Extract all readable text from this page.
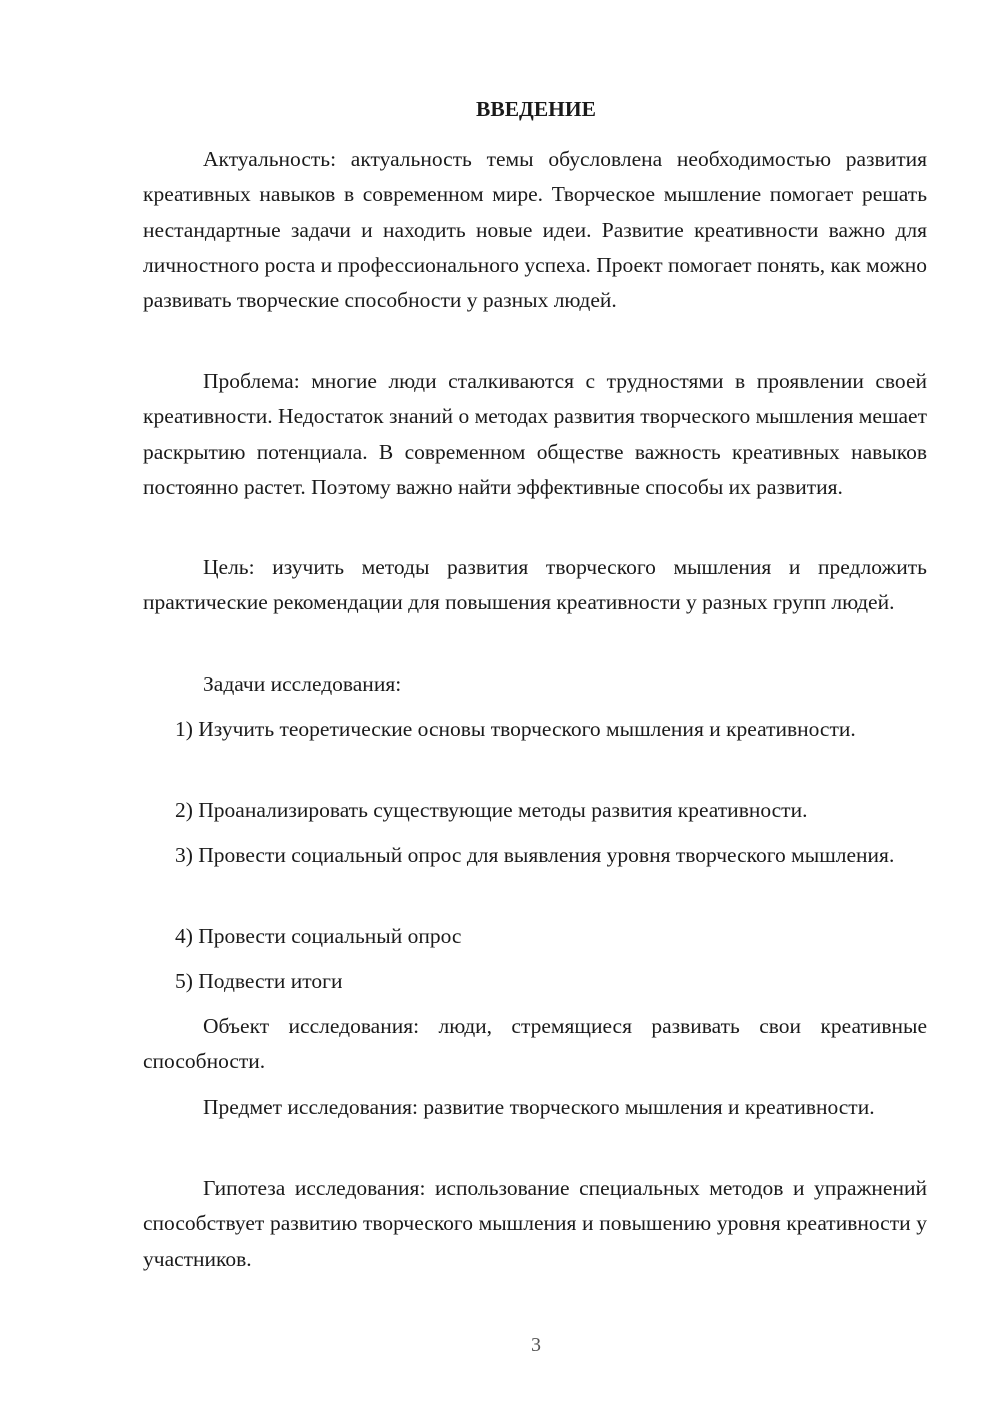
ВВЕДЕНИЕ

Актуальность: актуальность темы обусловлена необходимостью развития креативных навыков в современном мире. Творческое мышление помогает решать нестандартные задачи и находить новые идеи. Развитие креативности важно для личностного роста и профессионального успеха. Проект помогает понять, как можно развивать творческие способности у разных людей.

Проблема: многие люди сталкиваются с трудностями в проявлении своей креативности. Недостаток знаний о методах развития творческого мышления мешает раскрытию потенциала. В современном обществе важность креативных навыков постоянно растет. Поэтому важно найти эффективные способы их развития.

Цель: изучить методы развития творческого мышления и предложить практические рекомендации для повышения креативности у разных групп людей.

Задачи исследования:

1) Изучить теоретические основы творческого мышления и креативности.

2) Проанализировать существующие методы развития креативности.

3) Провести социальный опрос для выявления уровня творческого мышления.

4) Провести социальный опрос

5) Подвести итоги

Объект исследования: люди, стремящиеся развивать свои креативные способности.

Предмет исследования: развитие творческого мышления и креативности.

Гипотеза исследования: использование специальных методов и упражнений способствует развитию творческого мышления и повышению уровня креативности у участников.

3
